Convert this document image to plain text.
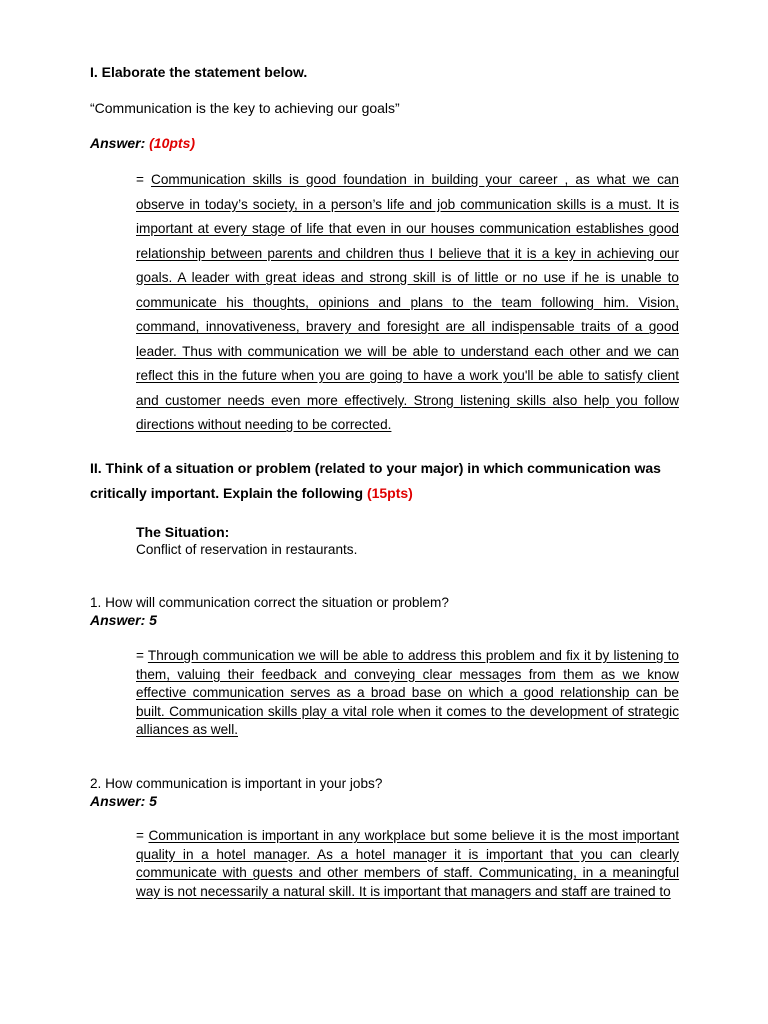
I. Elaborate the statement below.

“Communication is the key to achieving our goals”

Answer: (10pts)

= Communication skills is good foundation in building your career , as what we can observe in today’s society, in a person’s life and job communication skills is a must. It is important at every stage of life that even in our houses communication establishes good relationship between parents and children thus I believe that it is a key in achieving our goals. A leader with great ideas and strong skill is of little or no use if he is unable to communicate his thoughts, opinions and plans to the team following him. Vision, command, innovativeness, bravery and foresight are all indispensable traits of a good leader. Thus with communication we will be able to understand each other and we can reflect this in the future when you are going to have a work you'll be able to satisfy client and customer needs even more effectively. Strong listening skills also help you follow directions without needing to be corrected.

II. Think of a situation or problem (related to your major) in which communication was critically important. Explain the following (15pts)

The Situation:

Conflict of reservation in restaurants.

1. How will communication correct the situation or problem?

Answer: 5

= Through communication we will be able to address this problem and fix it by listening to them, valuing their feedback and conveying clear messages from them as we know effective communication serves as a broad base on which a good relationship can be built. Communication skills play a vital role when it comes to the development of strategic alliances as well.

2. How communication is important in your jobs?

Answer: 5

= Communication is important in any workplace but some believe it is the most important quality in a hotel manager. As a hotel manager it is important that you can clearly communicate with guests and other members of staff. Communicating, in a meaningful way is not necessarily a natural skill. It is important that managers and staff are trained to
